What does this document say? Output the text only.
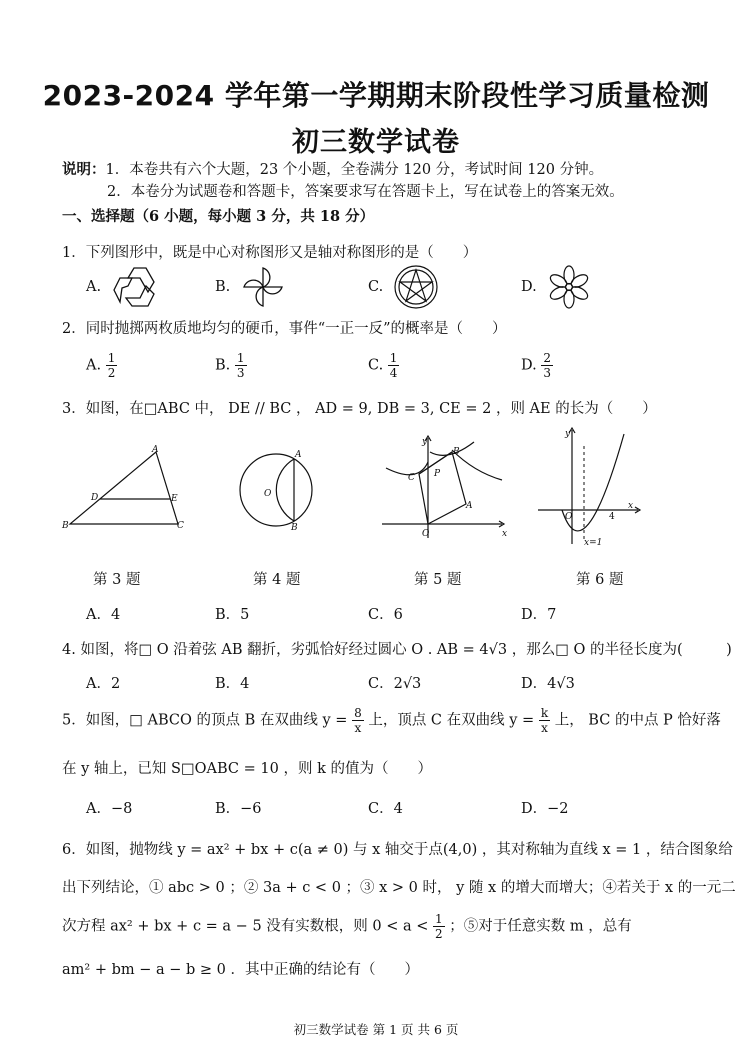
2023-2024 学年第一学期期末阶段性学习质量检测
初三数学试卷
说明：1．本卷共有六个大题，23 个小题，全卷满分 120 分，考试时间 120 分钟。
2．本卷分为试题卷和答题卡，答案要求写在答题卡上，写在试卷上的答案无效。
一、选择题（6 小题，每小题 3 分，共 18 分）
1．下列图形中，既是中心对称图形又是轴对称图形的是（　　）
A.	B.	C.	D.
2．同时抛掷两枚质地均匀的硬币，事件“一正一反”的概率是（　　）
A. $\frac{1}{2}$	B. $\frac{1}{3}$	C. $\frac{1}{4}$	D. $\frac{2}{3}$
3．如图，在□ABC 中， DE // BC ， AD = 9, DB = 3, CE = 2 ，则 AE 的长为（　　）
A
B	C
D	E
A
B
O
y
x
B
C P
A
O
y
x
O	4
x=1
第 3 题	第 4 题	第 5 题	第 6 题
A．4	B．5	C．6	D．7
4. 如图，将□ O 沿着弦 AB 翻折，劣弧恰好经过圆心 O . AB = 4√3 ，那么□ O 的半径长度为(　　　)
A．2	B．4	C．2√3	D．4√3
5．如图，□ ABCO 的顶点 B 在双曲线 $y = \frac{8}{x}$ 上，顶点 C 在双曲线 $y = \frac{k}{x}$ 上， BC 的中点 P 恰好落
在 y 轴上，已知 S□OABC = 10 ，则 k 的值为（　　）
A．−8	B．−6	C．4	D．−2
6．如图，抛物线 y = ax² + bx + c(a ≠ 0) 与 x 轴交于点(4,0) ，其对称轴为直线 x = 1 ，结合图象给
出下列结论，① abc > 0 ；② 3a + c < 0 ；③ x > 0 时， y 随 x 的增大而增大；④若关于 x 的一元二
次方程 ax² + bx + c = a − 5 没有实数根，则 $0 < a < \frac{1}{2}$ ；⑤对于任意实数 m ，总有
am² + bm − a − b ≥ 0 ．其中正确的结论有（　　）
初三数学试卷 第 1 页 共 6 页
